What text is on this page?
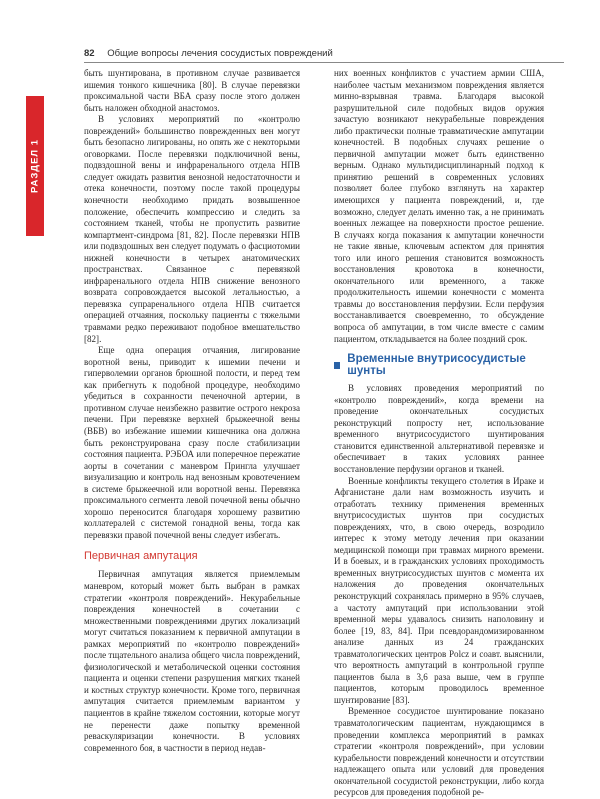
82 Общие вопросы лечения сосудистых повреждений
РАЗДЕЛ 1

быть шунтирована, в противном случае развивается ишемия тонкого кишечника [80]. В случае перевязки проксимальной части ВБА сразу после этого должен быть наложен обходной анастомоз.

В условиях мероприятий по «контролю повреждений» большинство поврежденных вен могут быть безопасно лигированы, но опять же с некоторыми оговорками. После перевязки подключичной вены, подвздошной вены и инфраренального отдела НПВ следует ожидать развития венозной недостаточности и отека конечности, поэтому после такой процедуры конечности необходимо придать возвышенное положение, обеспечить компрессию и следить за состоянием тканей, чтобы не пропустить развитие компартмент-синдрома [81, 82]. После перевязки НПВ или подвздошных вен следует подумать о фасциотомии нижней конечности в четырех анатомических пространствах. Связанное с перевязкой инфраренального отдела НПВ снижение венозного возврата сопровождается высокой летальностью, а перевязка супраренального отдела НПВ считается операцией отчаяния, поскольку пациенты с тяжелыми травмами редко переживают подобное вмешательство [82].

Еще одна операция отчаяния, лигирование воротной вены, приводит к ишемии печени и гиперволемии органов брюшной полости, и перед тем как прибегнуть к подобной процедуре, необходимо убедиться в сохранности печеночной артерии, в противном случае неизбежно развитие острого некроза печени. При перевязке верхней брыжеечной вены (ВБВ) во избежание ишемии кишечника она должна быть реконструирована сразу после стабилизации состояния пациента. РЭБОА или поперечное пережатие аорты в сочетании с маневром Прингла улучшает визуализацию и контроль над венозным кровотечением в системе брыжеечной или воротной вены. Перевязка проксимального сегмента левой почечной вены обычно хорошо переносится благодаря хорошему развитию коллатералей с системой гонадной вены, тогда как перевязки правой почечной вены следует избегать.

Первичная ампутация

Первичная ампутация является приемлемым маневром, который может быть выбран в рамках стратегии «контроля повреждений». Некурабельные повреждения конечностей в сочетании с множественными повреждениями других локализаций могут считаться показанием к первичной ампутации в рамках мероприятий по «контролю повреждений» после тщательного анализа общего числа повреждений, физиологической и метаболической оценки состояния пациента и оценки степени разрушения мягких тканей и костных структур конечности. Кроме того, первичная ампутация считается приемлемым вариантом у пациентов в крайне тяжелом состоянии, которые могут не перенести даже попытку временной реваскуляризации конечности. В условиях современного боя, в частности в период недав-

них военных конфликтов с участием армии США, наиболее частым механизмом повреждения является минно-взрывная травма. Благодаря высокой разрушительной силе подобных видов оружия зачастую возникают некурабельные повреждения либо практически полные травматические ампутации конечностей. В подобных случаях решение о первичной ампутации может быть единственно верным. Однако мультидисциплинарный подход к принятию решений в современных условиях позволяет более глубоко взглянуть на характер имеющихся у пациента повреждений, и, где возможно, следует делать именно так, а не принимать военных лежащее на поверхности простое решение. В случаях когда показания к ампутации конечности не такие явные, ключевым аспектом для принятия того или иного решения становится возможность восстановления кровотока в конечности, окончательного или временного, а также продолжительность ишемии конечности с момента травмы до восстановления перфузии. Если перфузия восстанавливается своевременно, то обсуждение вопроса об ампутации, в том числе вместе с самим пациентом, откладывается на более поздний срок.

Временные внутрисосудистые шунты

В условиях проведения мероприятий по «контролю повреждений», когда времени на проведение окончательных сосудистых реконструкций попросту нет, использование временного внутрисосудистого шунтирования становится единственной альтернативой перевязке и обеспечивает в таких условиях раннее восстановление перфузии органов и тканей.

Военные конфликты текущего столетия в Ираке и Афганистане дали нам возможность изучить и отработать технику применения временных внутрисосудистых шунтов при сосудистых повреждениях, что, в свою очередь, возродило интерес к этому методу лечения при оказании медицинской помощи при травмах мирного времени. И в боевых, и в гражданских условиях проходимость временных внутрисосудистых шунтов с момента их наложения до проведения окончательных реконструкций сохранялась примерно в 95% случаев, а частоту ампутаций при использовании этой временной меры удавалось снизить наполовину и более [19, 83, 84]. При псевдорандомизированном анализе данных из 24 гражданских травматологических центров Polcz и соавт. выяснили, что вероятность ампутаций в контрольной группе пациентов была в 3,6 раза выше, чем в группе пациентов, которым проводилось временное шунтирование [83].

Временное сосудистое шунтирование показано травматологическим пациентам, нуждающимся в проведении комплекса мероприятий в рамках стратегии «контроля повреждений», при условии курабельности повреждений конечности и отсутствии надлежащего опыта или условий для проведения окончательной сосудистой реконструкции, либо когда ресурсов для проведения подобной ре-
